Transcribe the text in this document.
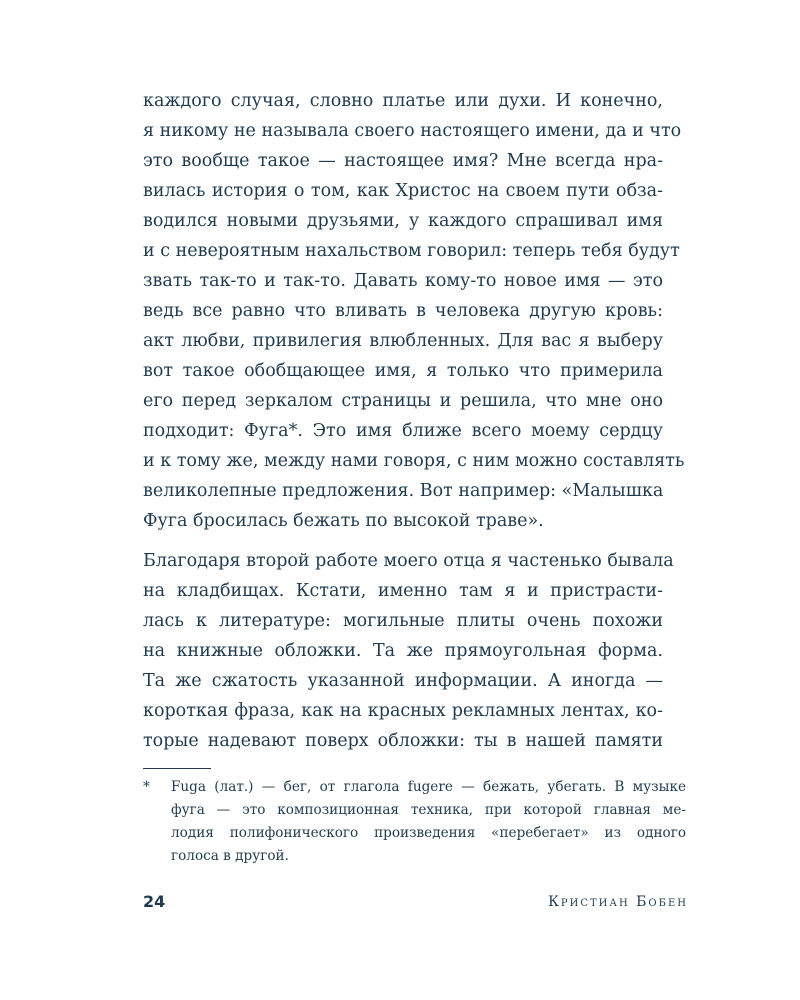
каждого случая, словно платье или духи. И конечно,
я никому не называла своего настоящего имени, да и что
это вообще такое — настоящее имя? Мне всегда нра-
вилась история о том, как Христос на своем пути обза-
водился новыми друзьями, у каждого спрашивал имя
и с невероятным нахальством говорил: теперь тебя будут
звать так-то и так-то. Давать кому-то новое имя — это
ведь все равно что вливать в человека другую кровь:
акт любви, привилегия влюбленных. Для вас я выберу
вот такое обобщающее имя, я только что примерила
его перед зеркалом страницы и решила, что мне оно
подходит: Фуга*. Это имя ближе всего моему сердцу
и к тому же, между нами говоря, с ним можно составлять
великолепные предложения. Вот например: «Малышка
Фуга бросилась бежать по высокой траве».
Благодаря второй работе моего отца я частенько бывала
на кладбищах. Кстати, именно там я и пристрасти-
лась к литературе: могильные плиты очень похожи
на книжные обложки. Та же прямоугольная форма.
Та же сжатость указанной информации. А иногда —
короткая фраза, как на красных рекламных лентах, ко-
торые надевают поверх обложки: ты в нашей памяти
*	Fuga (лат.) — бег, от глагола fugere — бежать, убегать. В музыке
фуга — это композиционная техника, при которой главная ме-
лодия полифонического произведения «перебегает» из одного
голоса в другой.
24	Кристиан Бобен
